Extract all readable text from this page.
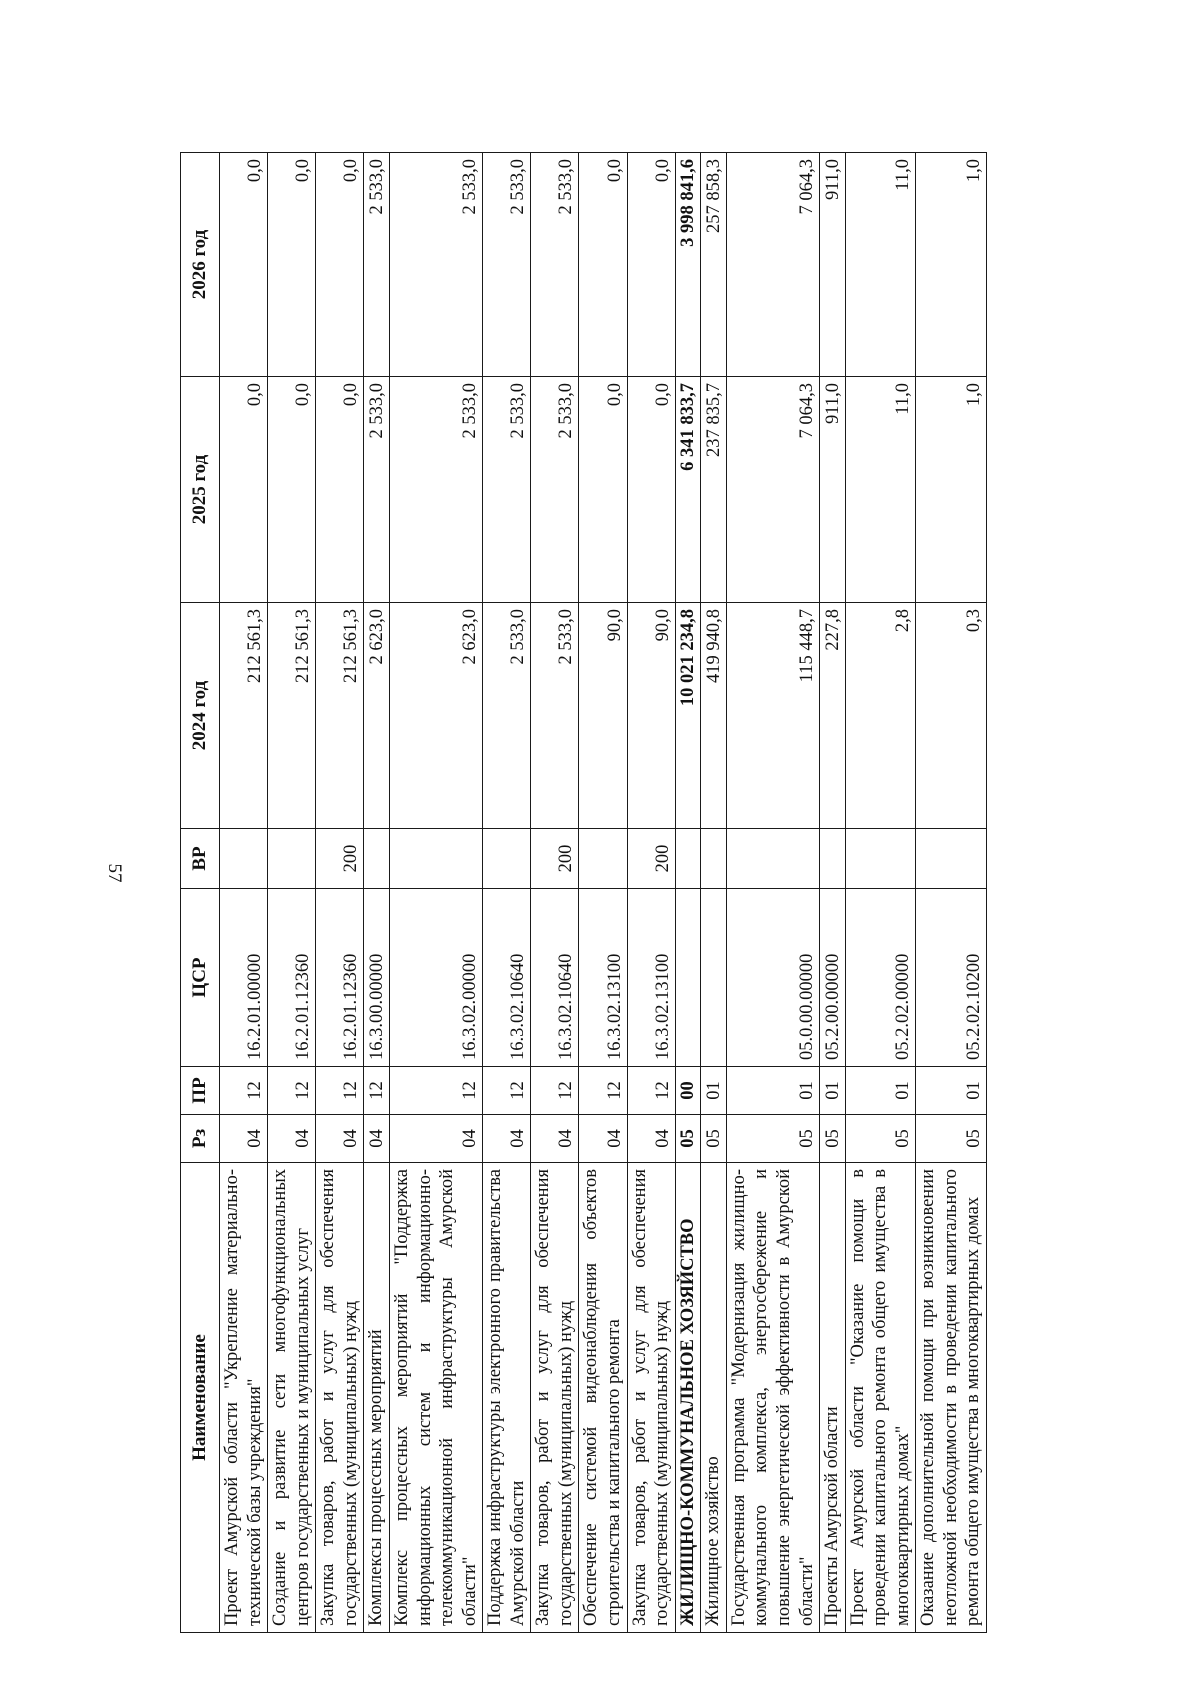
57
Наименование	Рз	ПР	ЦСР	ВР	2024 год	2025 год	2026 год
Проект Амурской области "Укрепление материально-технической базы учреждения"	04	12	16.2.01.00000		212 561,3	0,0	0,0
Создание и развитие сети многофункциональных центров государственных и муниципальных услуг	04	12	16.2.01.12360		212 561,3	0,0	0,0
Закупка товаров, работ и услуг для обеспечения государственных (муниципальных) нужд	04	12	16.2.01.12360	200	212 561,3	0,0	0,0
Комплексы процессных мероприятий	04	12	16.3.00.00000		2 623,0	2 533,0	2 533,0
Комплекс процессных мероприятий "Поддержка информационных систем и информационно-телекоммуникационной инфраструктуры Амурской области"	04	12	16.3.02.00000		2 623,0	2 533,0	2 533,0
Поддержка инфраструктуры электронного правительства Амурской области	04	12	16.3.02.10640		2 533,0	2 533,0	2 533,0
Закупка товаров, работ и услуг для обеспечения государственных (муниципальных) нужд	04	12	16.3.02.10640	200	2 533,0	2 533,0	2 533,0
Обеспечение системой видеонаблюдения объектов строительства и капитального ремонта	04	12	16.3.02.13100		90,0	0,0	0,0
Закупка товаров, работ и услуг для обеспечения государственных (муниципальных) нужд	04	12	16.3.02.13100	200	90,0	0,0	0,0
ЖИЛИЩНО-КОММУНАЛЬНОЕ ХОЗЯЙСТВО	05	00			10 021 234,8	6 341 833,7	3 998 841,6
Жилищное хозяйство	05	01			419 940,8	237 835,7	257 858,3
Государственная программа "Модернизация жилищно-коммунального комплекса, энергосбережение и повышение энергетической эффективности в Амурской области"	05	01	05.0.00.00000		115 448,7	7 064,3	7 064,3
Проекты Амурской области	05	01	05.2.00.00000		227,8	911,0	911,0
Проект Амурской области "Оказание помощи в проведении капитального ремонта общего имущества в многоквартирных домах"	05	01	05.2.02.00000		2,8	11,0	11,0
Оказание дополнительной помощи при возникновении неотложной необходимости в проведении капитального ремонта общего имущества в многоквартирных домах	05	01	05.2.02.10200		0,3	1,0	1,0
